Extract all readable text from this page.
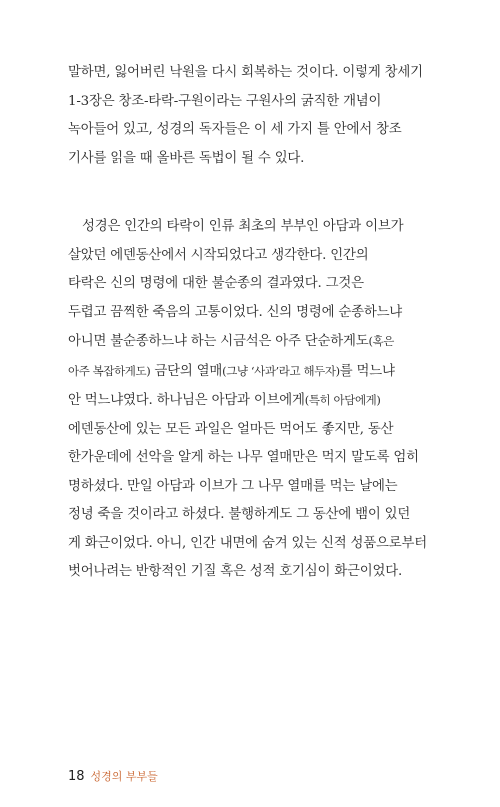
말하면, 잃어버린 낙원을 다시 회복하는 것이다. 이렇게 창세기
1-3장은 창조-타락-구원이라는 구원사의 굵직한 개념이
녹아들어 있고, 성경의 독자들은 이 세 가지 틀 안에서 창조
기사를 읽을 때 올바른 독법이 될 수 있다.
성경은 인간의 타락이 인류 최초의 부부인 아담과 이브가
살았던 에덴동산에서 시작되었다고 생각한다. 인간의
타락은 신의 명령에 대한 불순종의 결과였다. 그것은
두렵고 끔찍한 죽음의 고통이었다. 신의 명령에 순종하느냐
아니면 불순종하느냐 하는 시금석은 아주 단순하게도(혹은
아주 복잡하게도) 금단의 열매(그냥 ‘사과’라고 해두자)를 먹느냐
안 먹느냐였다. 하나님은 아담과 이브에게(특히 아담에게)
에덴동산에 있는 모든 과일은 얼마든 먹어도 좋지만, 동산
한가운데에 선악을 알게 하는 나무 열매만은 먹지 말도록 엄히
명하셨다. 만일 아담과 이브가 그 나무 열매를 먹는 날에는
정녕 죽을 것이라고 하셨다. 불행하게도 그 동산에 뱀이 있던
게 화근이었다. 아니, 인간 내면에 숨겨 있는 신적 성품으로부터
벗어나려는 반항적인 기질 혹은 성적 호기심이 화근이었다.
18 성경의 부부들
